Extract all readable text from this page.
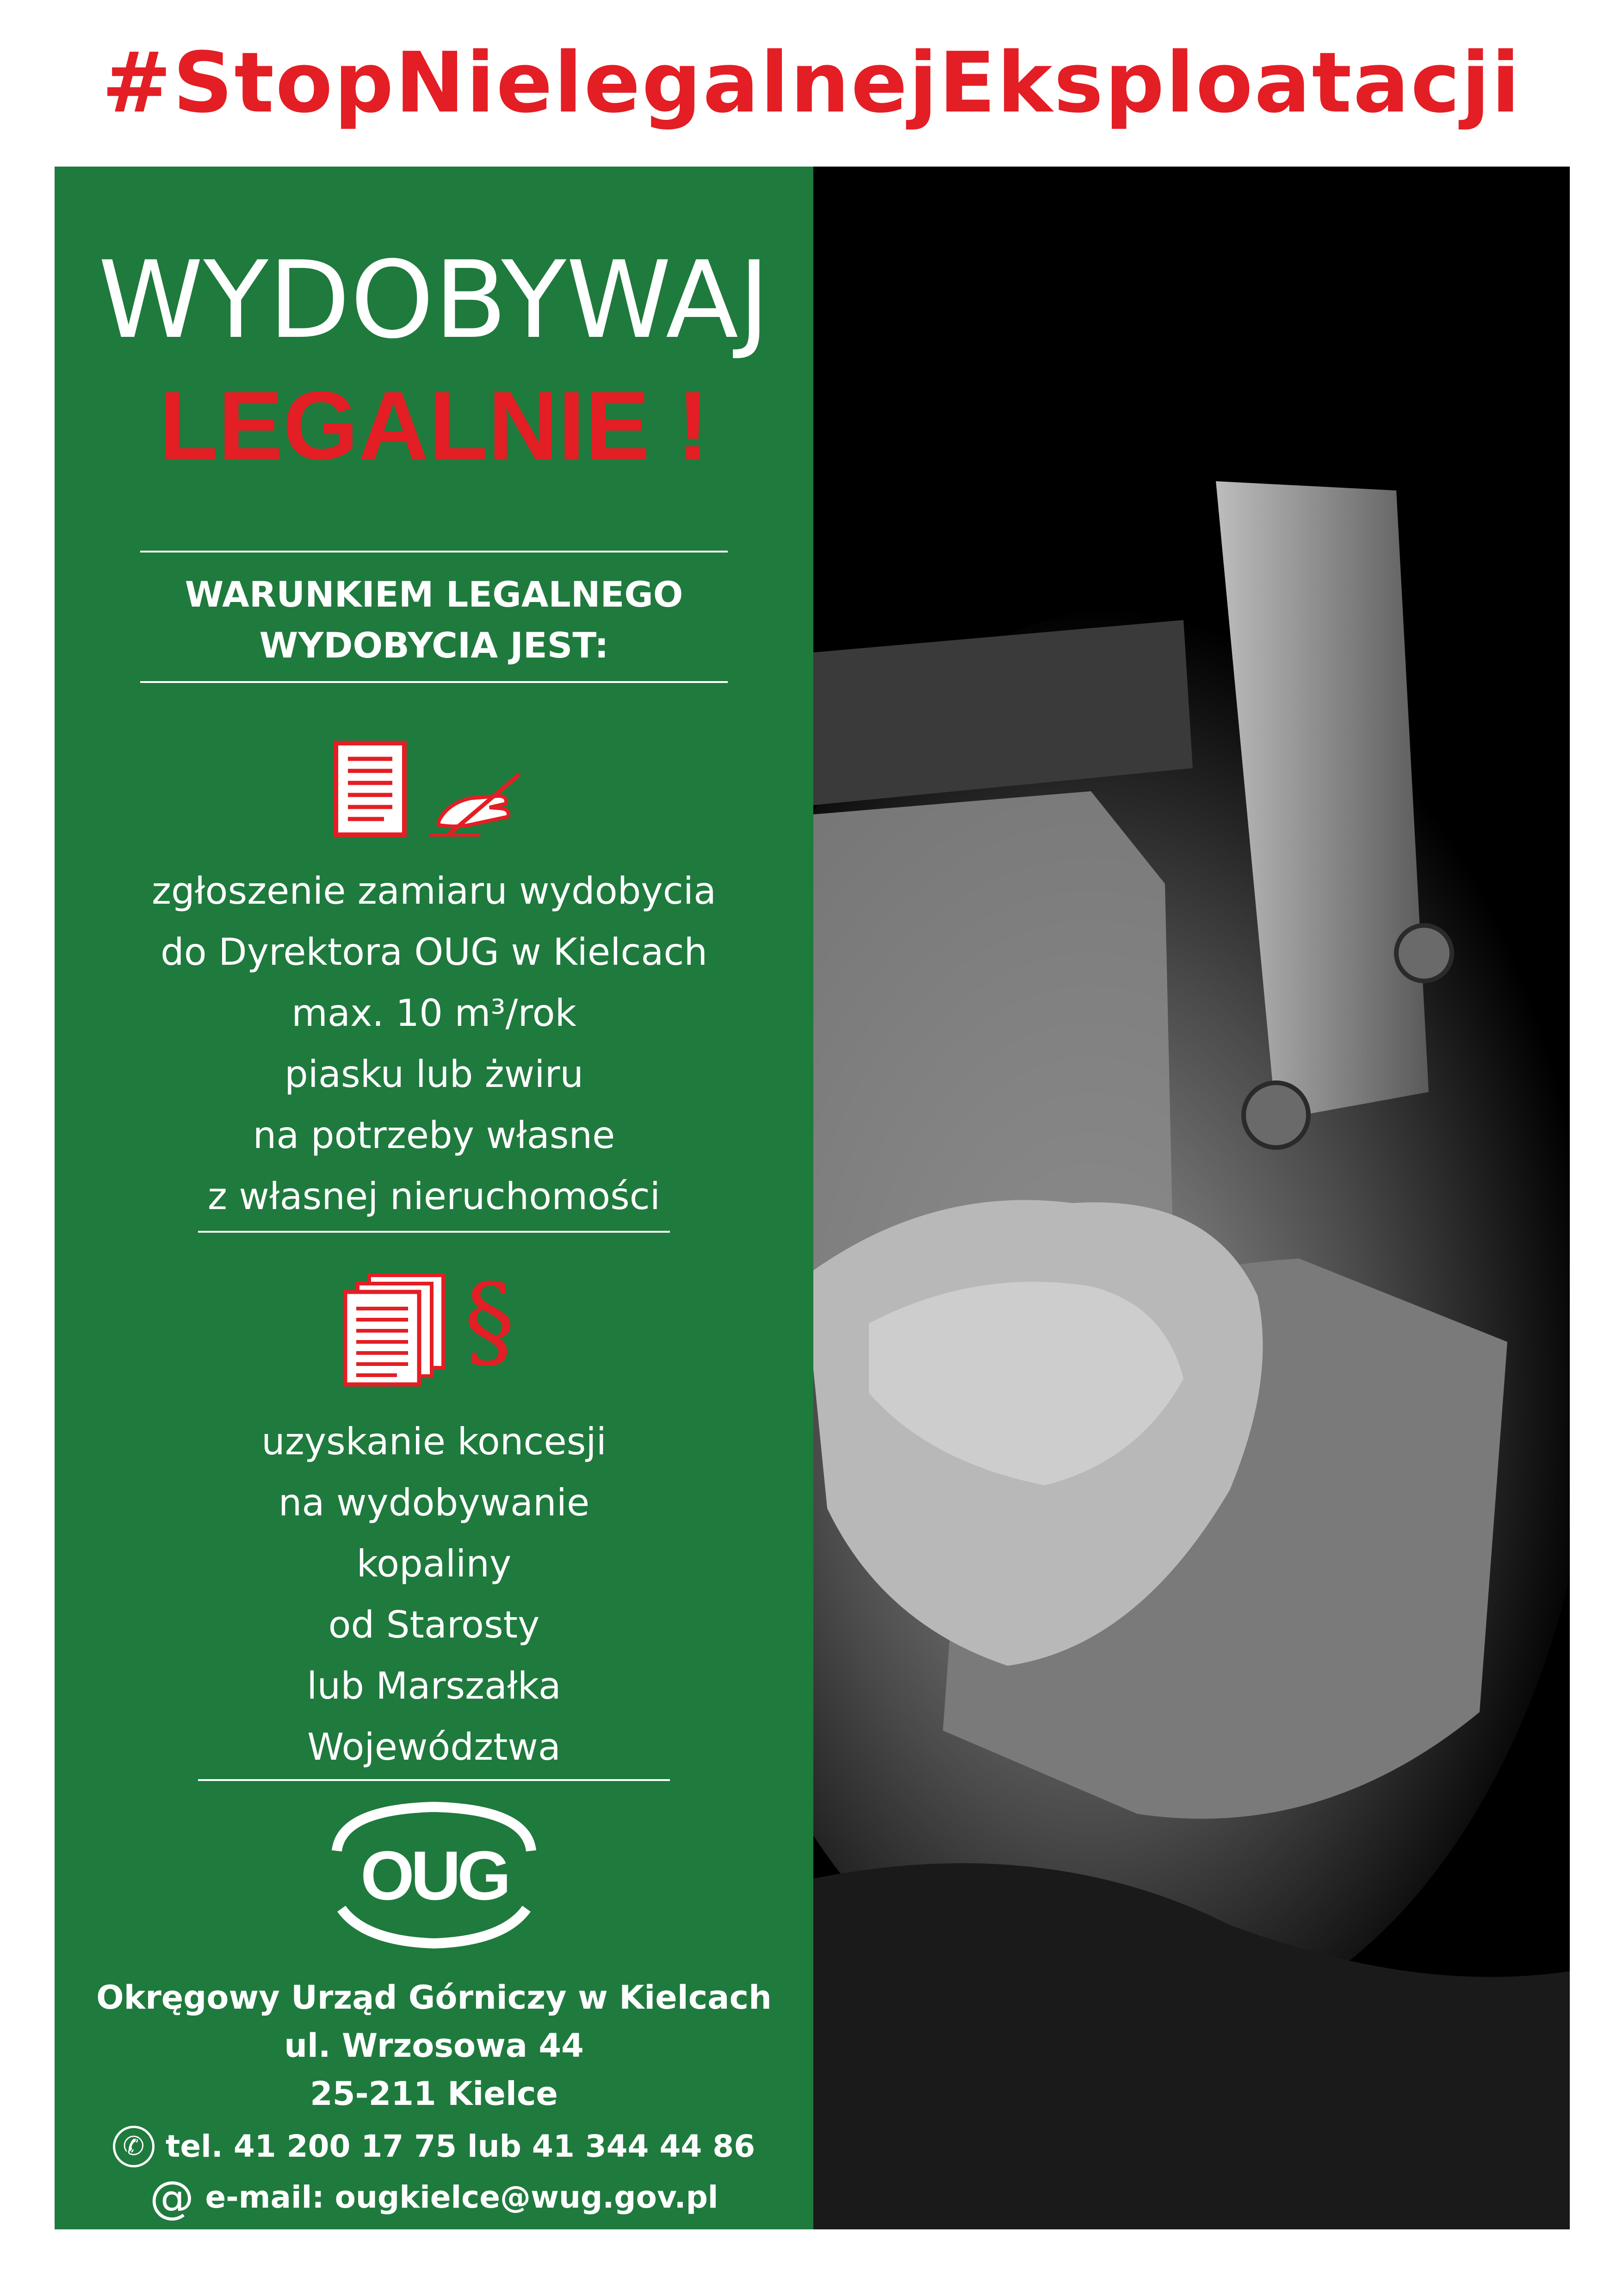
#StopNielegalnejEksploatacji
WYDOBYWAJ
LEGALNIE !
WARUNKIEM LEGALNEGO
WYDOBYCIA JEST:
zgłoszenie zamiaru wydobycia
do Dyrektora OUG w Kielcach
max. 10 m³/rok
piasku lub żwiru
na potrzeby własne
z własnej nieruchomości
§
uzyskanie koncesji
na wydobywanie
kopaliny
od Starosty
lub Marszałka
Województwa
OUG
KIELCE
Okręgowy Urząd Górniczy w Kielcach
ul. Wrzosowa 44
25-211 Kielce
✆ tel. 41 200 17 75 lub 41 344 44 86
@ e-mail: ougkielce@wug.gov.pl
